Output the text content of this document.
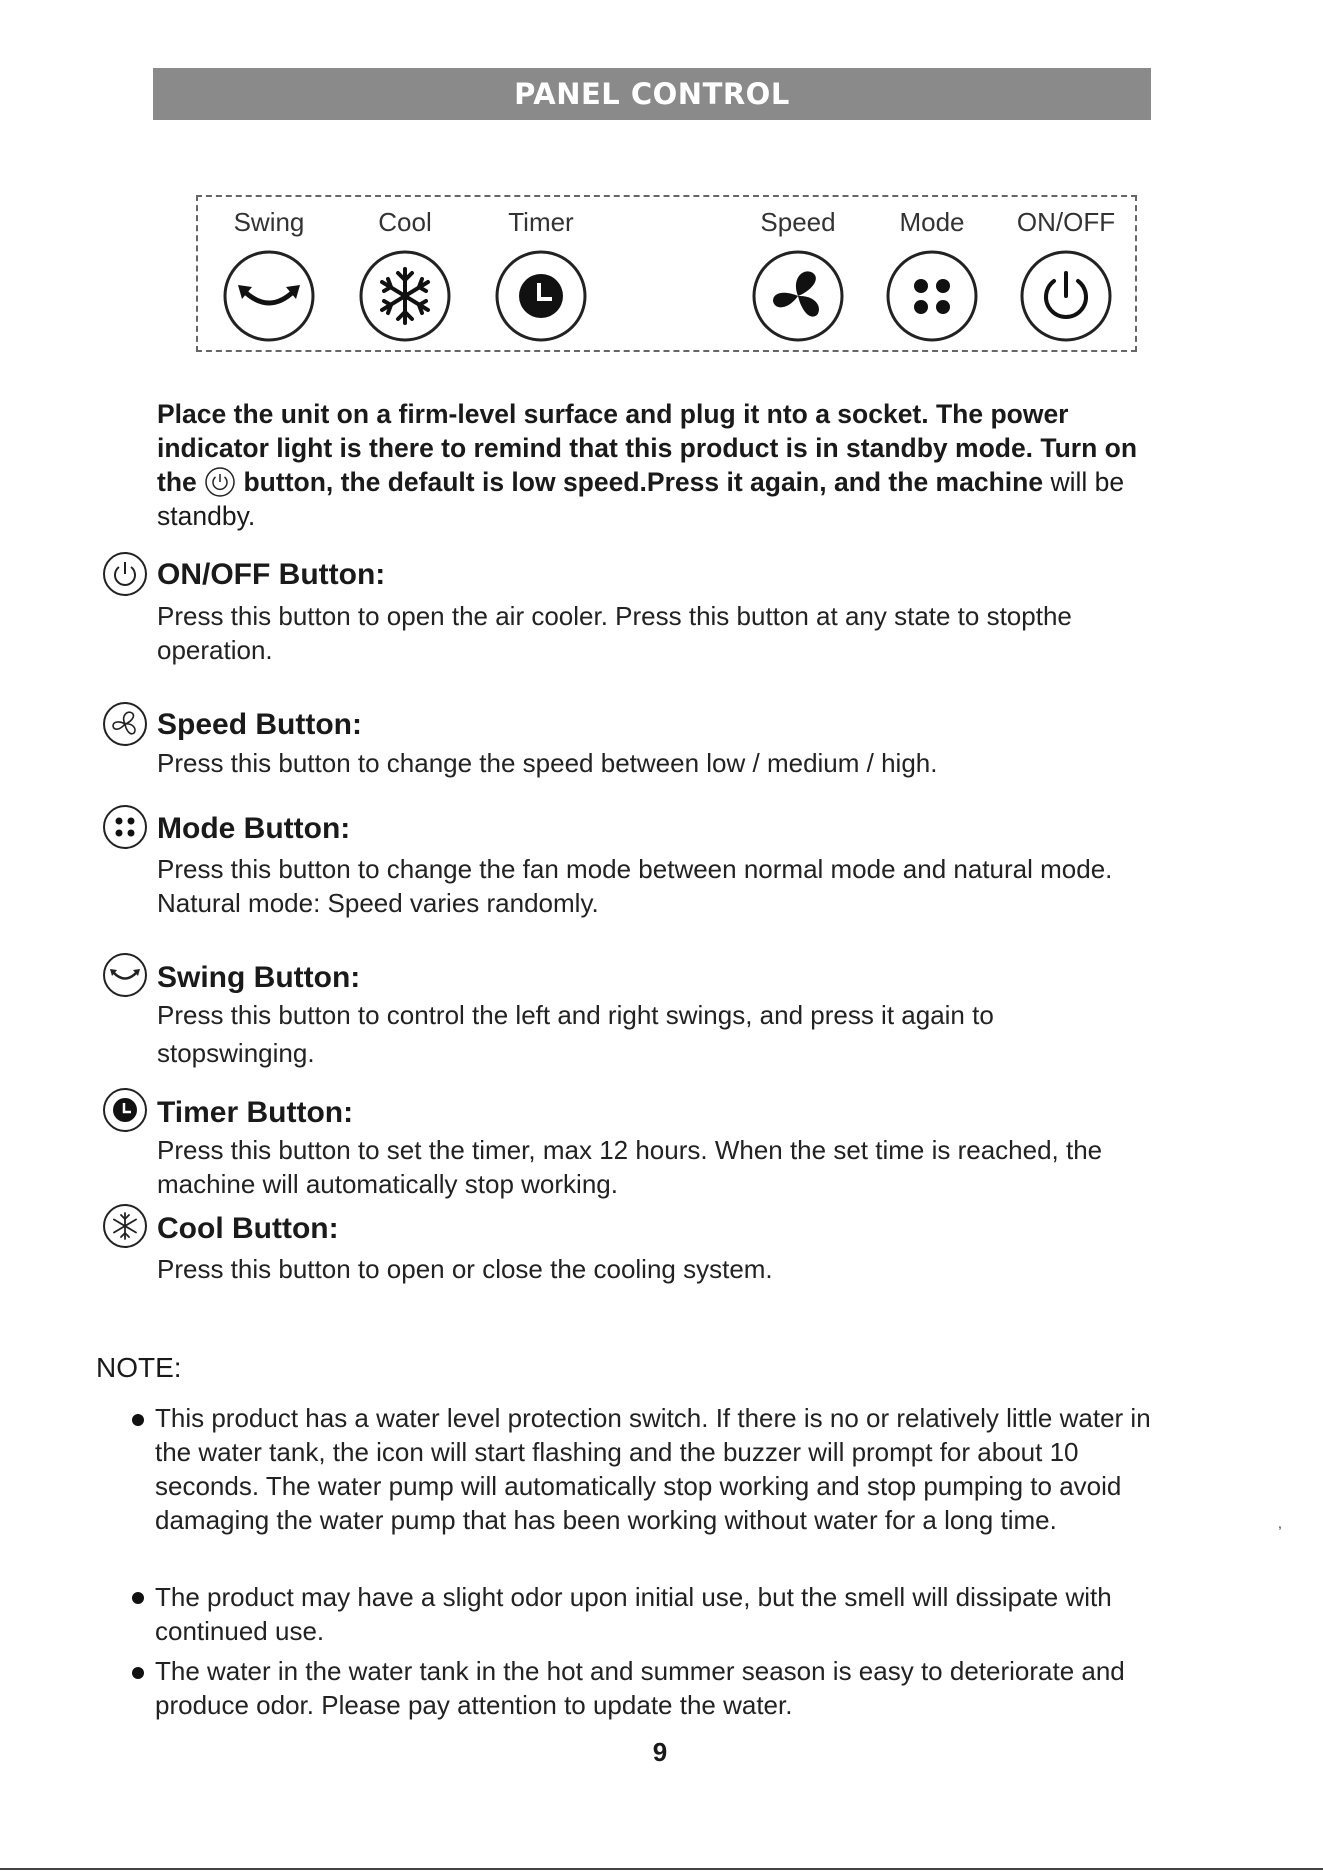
PANEL CONTROL
Swing	Cool	Timer	Speed	Mode	ON/OFF
Place the unit on a firm-level surface and plug it nto a socket. The power indicator light is there to remind that this product is in standby mode. Turn on the button, the default is low speed.Press it again, and the machine will be standby.
ON/OFF Button:
Press this button to open the air cooler. Press this button at any state to stopthe operation.
Speed Button:
Press this button to change the speed between low / medium / high.
Mode Button:
Press this button to change the fan mode between normal mode and natural mode. Natural mode: Speed varies randomly.
Swing Button:
Press this button to control the left and right swings, and press it again to stopswinging.
Timer Button:
Press this button to set the timer, max 12 hours. When the set time is reached, the machine will automatically stop working.
Cool Button:
Press this button to open or close the cooling system.
NOTE:
This product has a water level protection switch. If there is no or relatively little water in the water tank, the icon will start flashing and the buzzer will prompt for about 10 seconds. The water pump will automatically stop working and stop pumping to avoid damaging the water pump that has been working without water for a long time.
The product may have a slight odor upon initial use, but the smell will dissipate with continued use.
The water in the water tank in the hot and summer season is easy to deteriorate and produce odor. Please pay attention to update the water.
,
9
